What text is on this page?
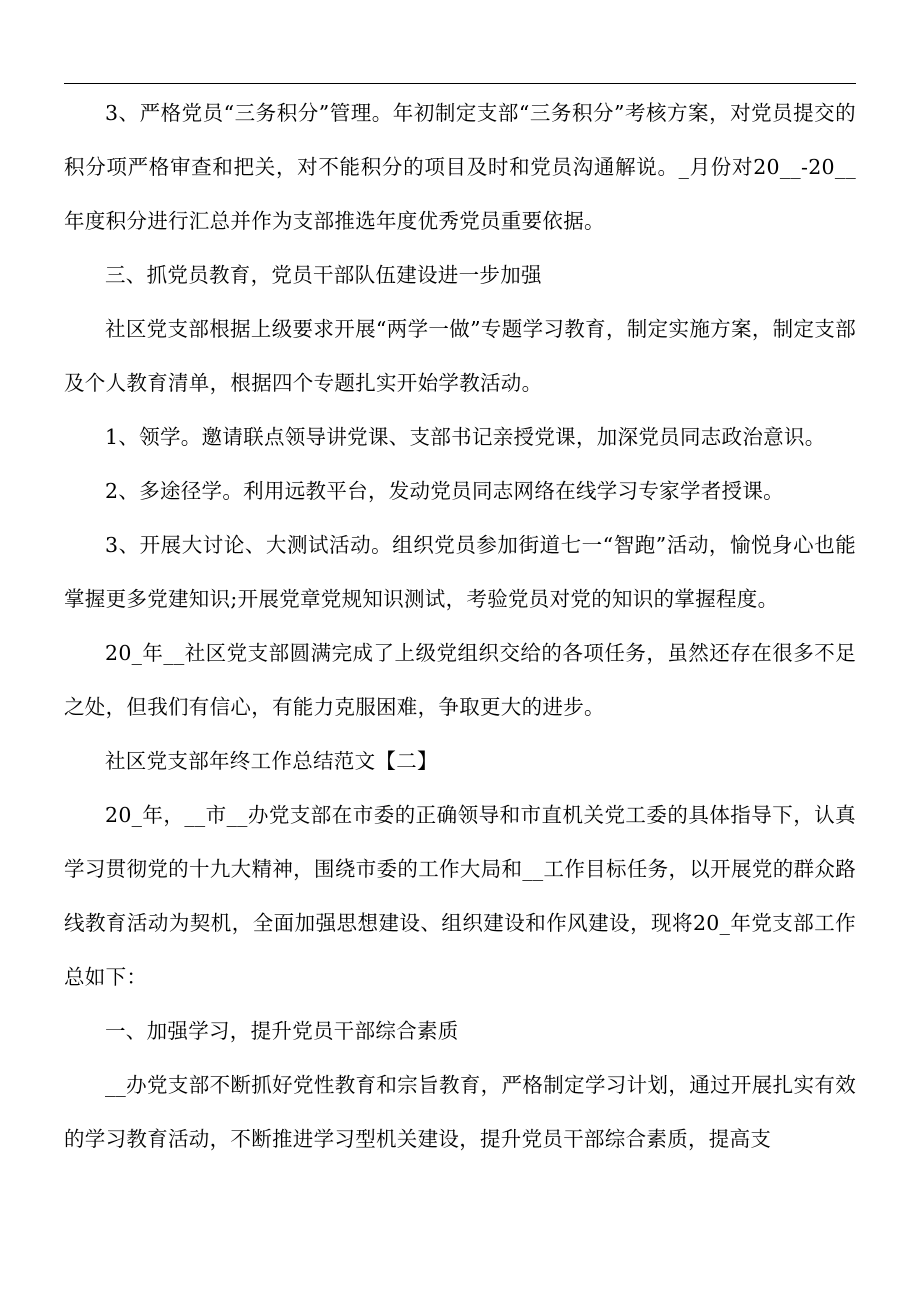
3、严格党员“三务积分”管理。年初制定支部“三务积分”考核方案，对党员提交的积分项严格审查和把关，对不能积分的项目及时和党员沟通解说。_月份对20__-20__年度积分进行汇总并作为支部推选年度优秀党员重要依据。

三、抓党员教育，党员干部队伍建设进一步加强

社区党支部根据上级要求开展“两学一做”专题学习教育，制定实施方案，制定支部及个人教育清单，根据四个专题扎实开始学教活动。

1、领学。邀请联点领导讲党课、支部书记亲授党课，加深党员同志政治意识。

2、多途径学。利用远教平台，发动党员同志网络在线学习专家学者授课。

3、开展大讨论、大测试活动。组织党员参加街道七一“智跑”活动，愉悦身心也能掌握更多党建知识;开展党章党规知识测试，考验党员对党的知识的掌握程度。

20_年__社区党支部圆满完成了上级党组织交给的各项任务，虽然还存在很多不足之处，但我们有信心，有能力克服困难，争取更大的进步。

社区党支部年终工作总结范文【二】

20_年，__市__办党支部在市委的正确领导和市直机关党工委的具体指导下，认真学习贯彻党的十九大精神，围绕市委的工作大局和__工作目标任务，以开展党的群众路线教育活动为契机，全面加强思想建设、组织建设和作风建设，现将20_年党支部工作总如下：

一、加强学习，提升党员干部综合素质

__办党支部不断抓好党性教育和宗旨教育，严格制定学习计划，通过开展扎实有效的学习教育活动，不断推进学习型机关建设，提升党员干部综合素质，提高支
